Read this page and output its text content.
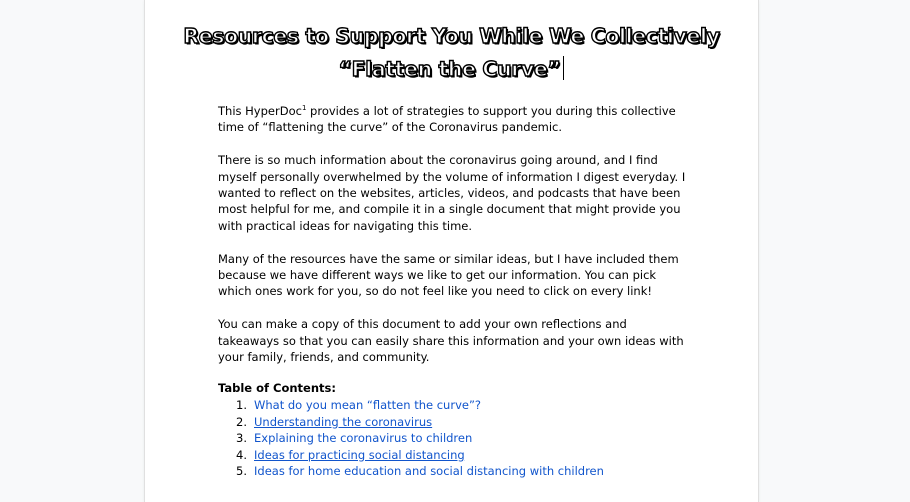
Resources to Support You While We Collectively
“Flatten the Curve”

This HyperDoc$^1$ provides a lot of strategies to support you during this collective time of “flattening the curve” of the Coronavirus pandemic.

There is so much information about the coronavirus going around, and I find myself personally overwhelmed by the volume of information I digest everyday. I wanted to reflect on the websites, articles, videos, and podcasts that have been most helpful for me, and compile it in a single document that might provide you with practical ideas for navigating this time.

Many of the resources have the same or similar ideas, but I have included them because we have different ways we like to get our information. You can pick which ones work for you, so do not feel like you need to click on every link!

You can make a copy of this document to add your own reflections and takeaways so that you can easily share this information and your own ideas with your family, friends, and community.

Table of Contents:
1. What do you mean “flatten the curve”?
2. Understanding the coronavirus
3. Explaining the coronavirus to children
4. Ideas for practicing social distancing
5. Ideas for home education and social distancing with children
